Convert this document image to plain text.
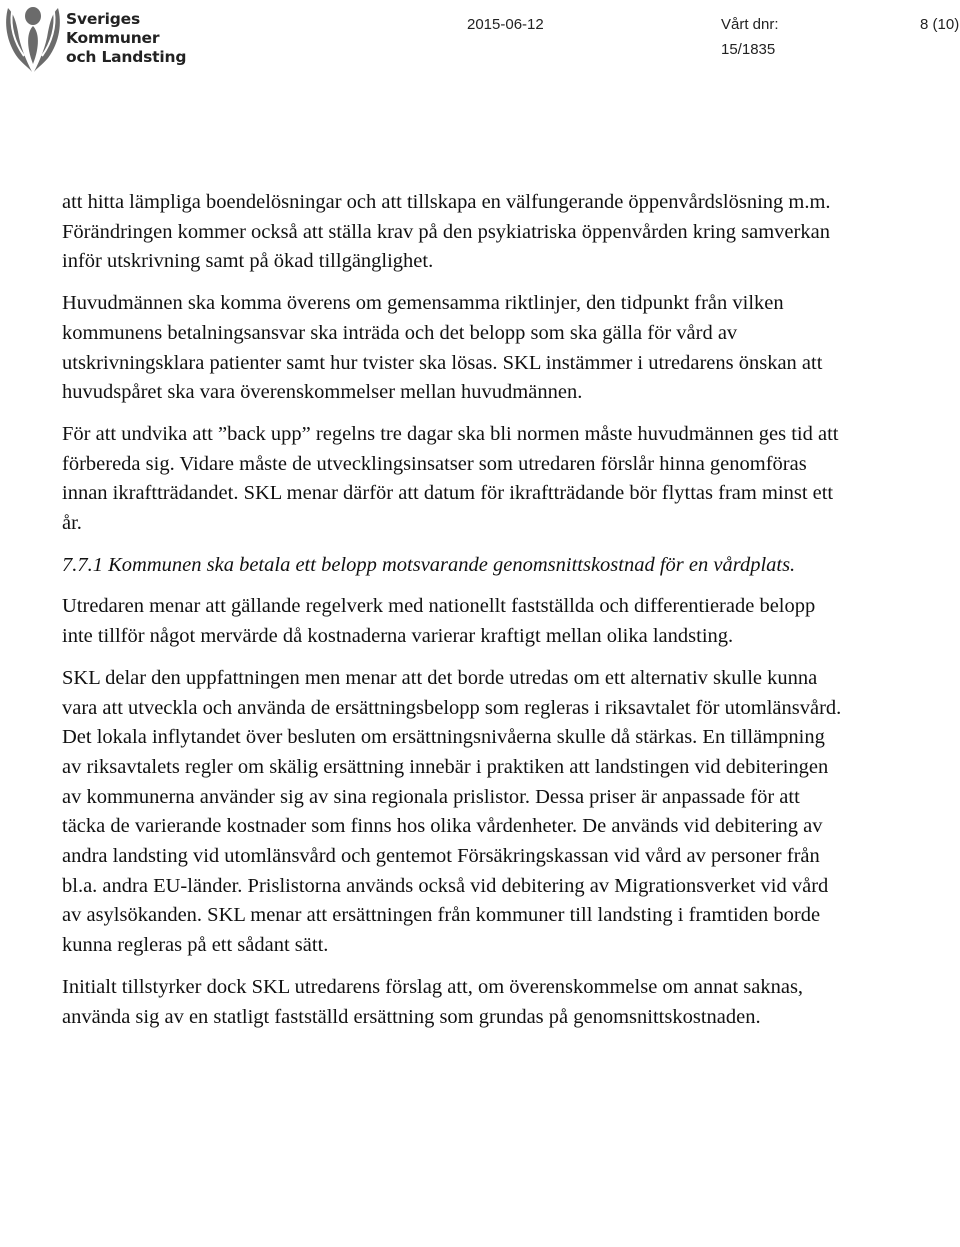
Sveriges
Kommuner
och Landsting
2015-06-12	Vårt dnr:
15/1835
8 (10)

att hitta lämpliga boendelösningar och att tillskapa en välfungerande öppenvårdslösning m.m. Förändringen kommer också att ställa krav på den psykiatriska öppenvården kring samverkan inför utskrivning samt på ökad tillgänglighet.

Huvudmännen ska komma överens om gemensamma riktlinjer, den tidpunkt från vilken kommunens betalningsansvar ska inträda och det belopp som ska gälla för vård av utskrivningsklara patienter samt hur tvister ska lösas. SKL instämmer i utredarens önskan att huvudspåret ska vara överenskommelser mellan huvudmännen.

För att undvika att ”back upp” regelns tre dagar ska bli normen måste huvudmännen ges tid att förbereda sig. Vidare måste de utvecklingsinsatser som utredaren förslår hinna genomföras innan ikraftträdandet. SKL menar därför att datum för ikraftträdande bör flyttas fram minst ett år.

7.7.1 Kommunen ska betala ett belopp motsvarande genomsnittskostnad för en vårdplats.

Utredaren menar att gällande regelverk med nationellt fastställda och differentierade belopp inte tillför något mervärde då kostnaderna varierar kraftigt mellan olika landsting.

SKL delar den uppfattningen men menar att det borde utredas om ett alternativ skulle kunna vara att utveckla och använda de ersättningsbelopp som regleras i riksavtalet för utomlänsvård. Det lokala inflytandet över besluten om ersättningsnivåerna skulle då stärkas. En tillämpning av riksavtalets regler om skälig ersättning innebär i praktiken att landstingen vid debiteringen av kommunerna använder sig av sina regionala prislistor. Dessa priser är anpassade för att täcka de varierande kostnader som finns hos olika vårdenheter. De används vid debitering av andra landsting vid utomlänsvård och gentemot Försäkringskassan vid vård av personer från bl.a. andra EU-länder. Prislistorna används också vid debitering av Migrationsverket vid vård av asylsökanden. SKL menar att ersättningen från kommuner till landsting i framtiden borde kunna regleras på ett sådant sätt.

Initialt tillstyrker dock SKL utredarens förslag att, om överenskommelse om annat saknas, använda sig av en statligt fastställd ersättning som grundas på genomsnittskostnaden.
